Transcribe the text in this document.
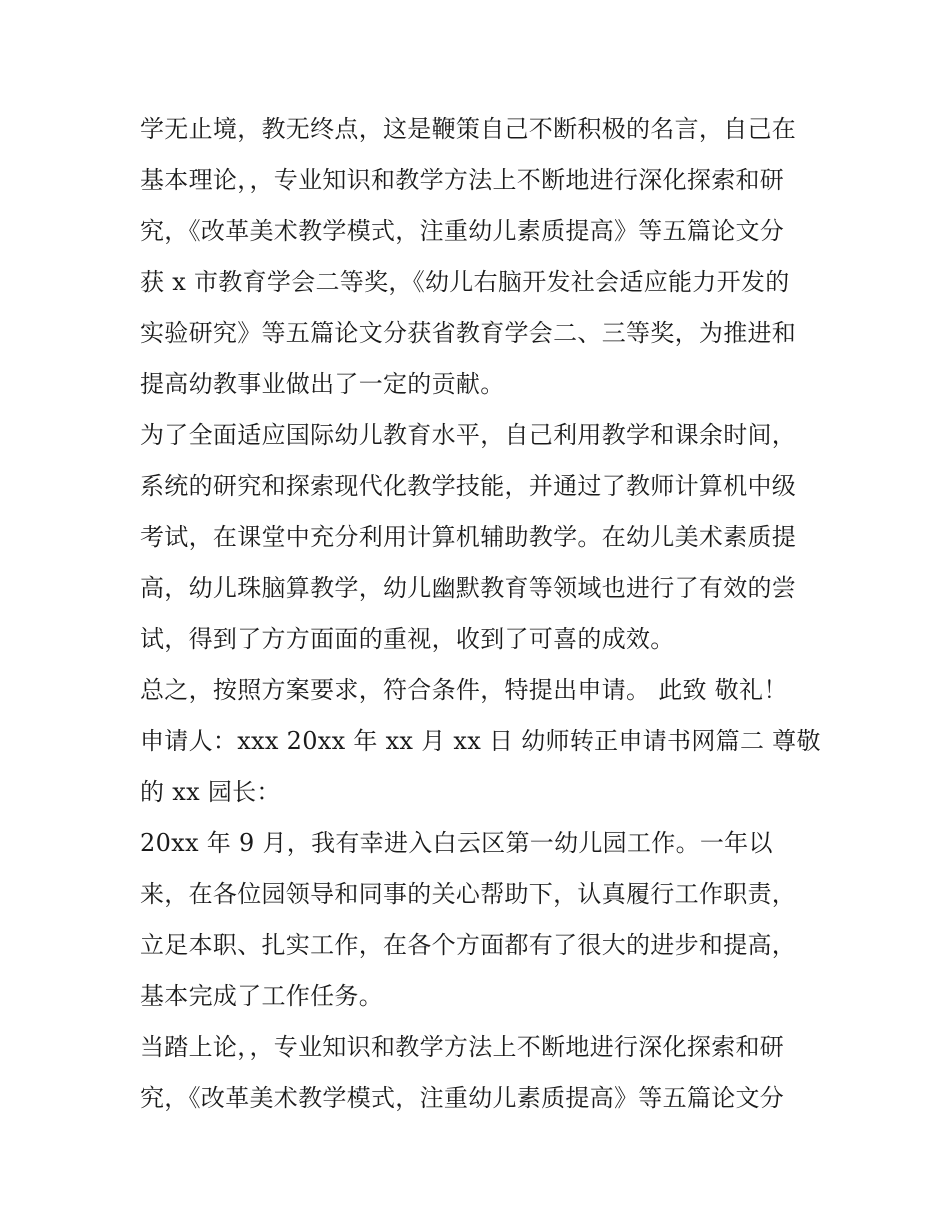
学无止境，教无终点，这是鞭策自己不断积极的名言，自己在
基本理论，，专业知识和教学方法上不断地进行深化探索和研
究，《改革美术教学模式，注重幼儿素质提高》等五篇论文分
获 x 市教育学会二等奖，《幼儿右脑开发社会适应能力开发的
实验研究》等五篇论文分获省教育学会二、三等奖，为推进和
提高幼教事业做出了一定的贡献。
为了全面适应国际幼儿教育水平，自己利用教学和课余时间，
系统的研究和探索现代化教学技能，并通过了教师计算机中级
考试，在课堂中充分利用计算机辅助教学。在幼儿美术素质提
高，幼儿珠脑算教学，幼儿幽默教育等领域也进行了有效的尝
试，得到了方方面面的重视，收到了可喜的成效。
总之，按照方案要求，符合条件，特提出申请。 此致 敬礼！
申请人：xxx 20xx 年 xx 月 xx 日 幼师转正申请书网篇二 尊敬
的 xx 园长：
20xx 年 9 月，我有幸进入白云区第一幼儿园工作。一年以
来，在各位园领导和同事的关心帮助下，认真履行工作职责，
立足本职、扎实工作，在各个方面都有了很大的进步和提高，
基本完成了工作任务。
当踏上论，，专业知识和教学方法上不断地进行深化探索和研
究，《改革美术教学模式，注重幼儿素质提高》等五篇论文分
